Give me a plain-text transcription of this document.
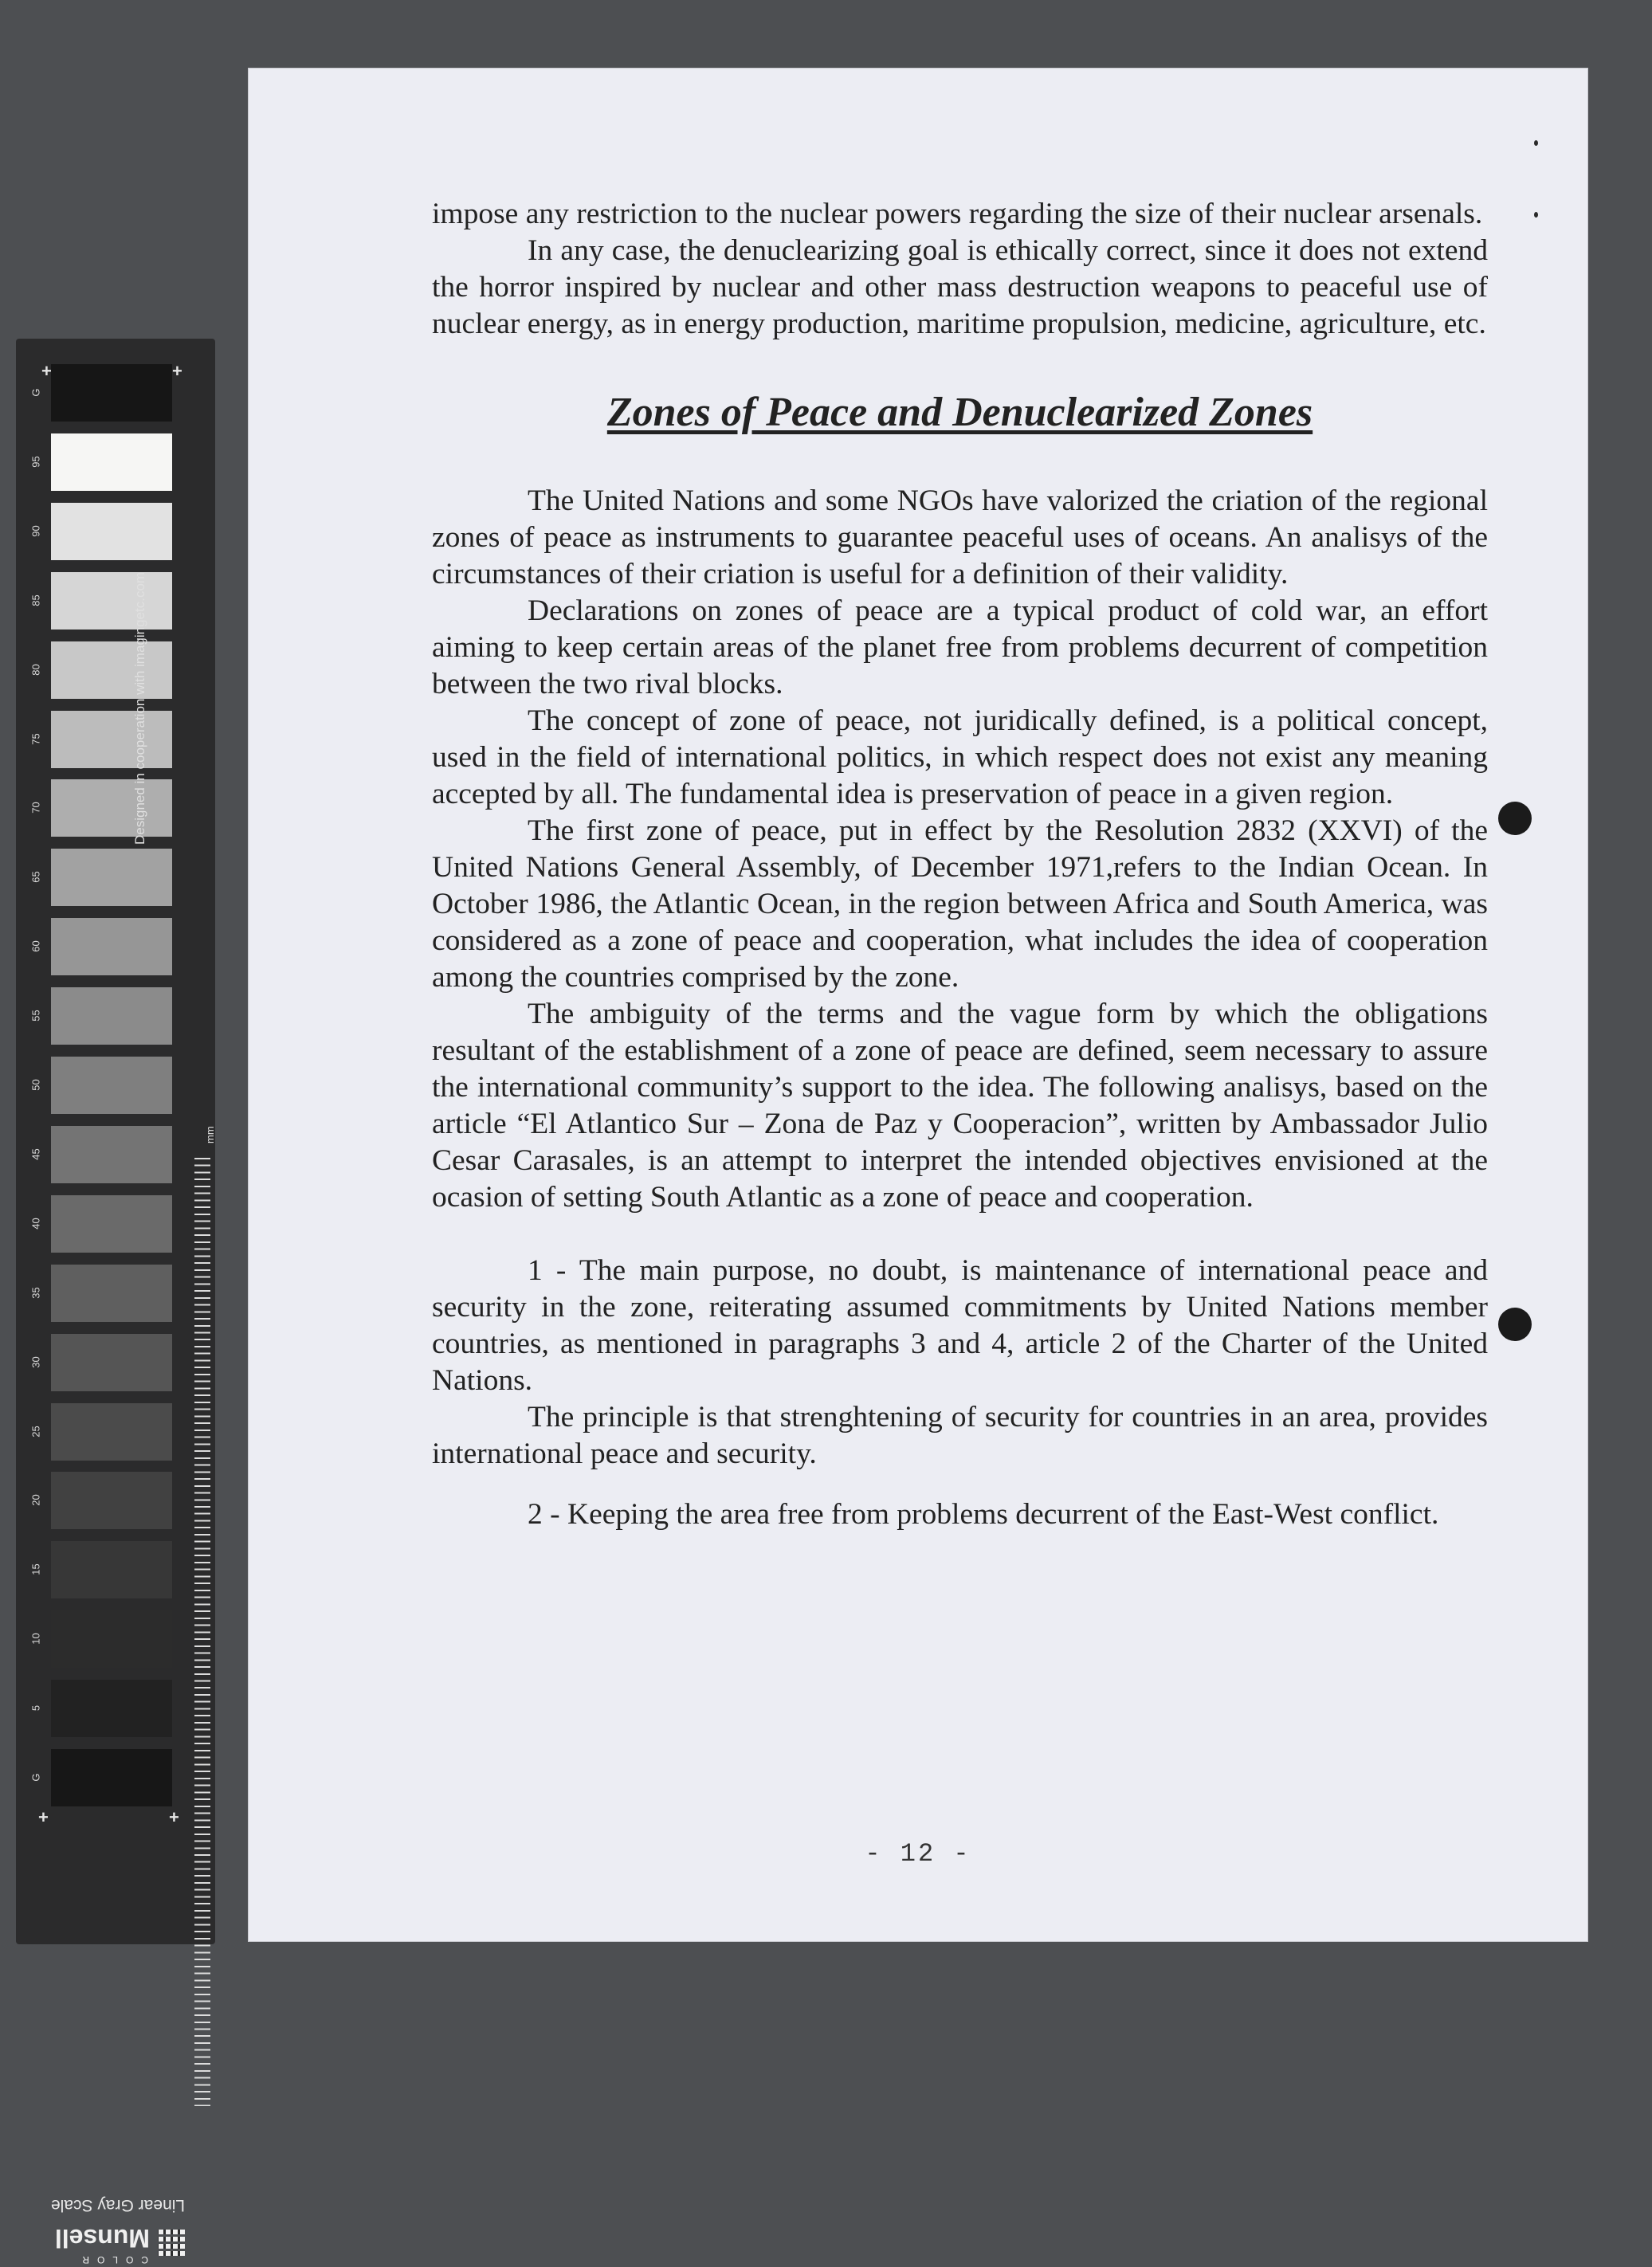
+	+
+	+
Designed in cooperation with imagingetc.com
mm
Linear Gray Scale
COLOR
Munsell
G
95
90
85
80
75
70
65
60
55
50
45
40
35
30
25
20
15
10
5
G

impose any restriction to the nuclear powers regarding the size of their nuclear arsenals.

In any case, the denuclearizing goal is ethically correct, since it does not extend the horror inspired by nuclear and other mass destruction weapons to peaceful use of nuclear energy, as in energy production, maritime propulsion, medicine, agriculture, etc.

Zones of Peace and Denuclearized Zones

The United Nations and some NGOs have valorized the criation of the regional zones of peace as instruments to guarantee peaceful uses of oceans. An analisys of the circumstances of their criation is useful for a definition of their validity.

Declarations on zones of peace are a typical product of cold war, an effort aiming to keep certain areas of the planet free from problems decurrent of competition between the two rival blocks.

The concept of zone of peace, not juridically defined, is a political concept, used in the field of international politics, in which respect does not exist any meaning accepted by all. The fundamental idea is preservation of peace in a given region.

The first zone of peace, put in effect by the Resolution 2832 (XXVI) of the United Nations General Assembly, of December 1971,refers to the Indian Ocean. In October 1986, the Atlantic Ocean, in the region between Africa and South America, was considered as a zone of peace and cooperation, what includes the idea of cooperation among the countries comprised by the zone.

The ambiguity of the terms and the vague form by which the obligations resultant of the establishment of a zone of peace are defined, seem necessary to assure the international community’s support to the idea. The following analisys, based on the article “El Atlantico Sur – Zona de Paz y Cooperacion”, written by Ambassador Julio Cesar Carasales, is an attempt to interpret the intended objectives envisioned at the ocasion of setting South Atlantic as a zone of peace and cooperation.

1 - The main purpose, no doubt, is maintenance of international peace and security in the zone, reiterating assumed commitments by United Nations member countries, as mentioned in paragraphs 3 and 4, article 2 of the Charter of the United Nations.

The principle is that strenghtening of security for countries in an area, provides international peace and security.

2 - Keeping the area free from problems decurrent of the East-West conflict.

- 12 -
